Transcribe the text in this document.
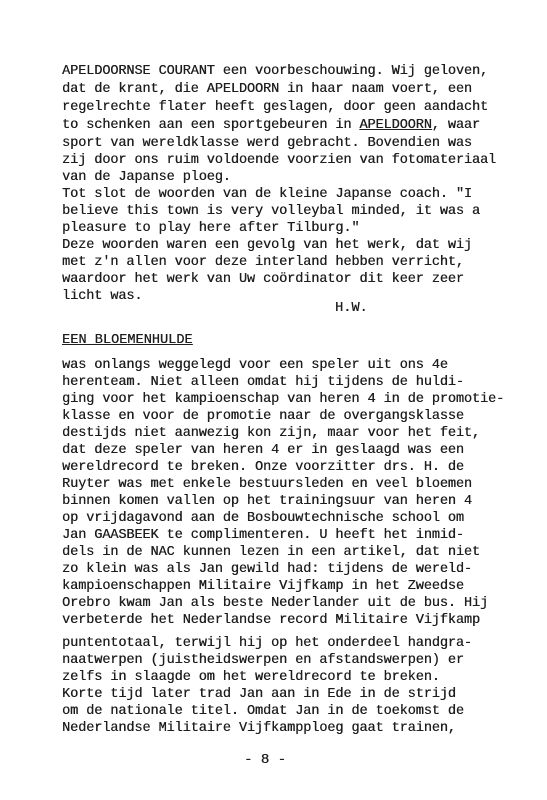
APELDOORNSE COURANT een voorbeschouwing. Wij geloven,
dat de krant, die APELDOORN in haar naam voert, een
regelrechte flater heeft geslagen, door geen aandacht
to schenken aan een sportgebeuren in APELDOORN, waar
sport van wereldklasse werd gebracht. Bovendien was
zij door ons ruim voldoende voorzien van fotomateriaal
van de Japanse ploeg.
Tot slot de woorden van de kleine Japanse coach. "I
believe this town is very volleybal minded, it was a
pleasure to play here after Tilburg."
Deze woorden waren een gevolg van het werk, dat wij
met z'n allen voor deze interland hebben verricht,
waardoor het werk van Uw coördinator dit keer zeer
licht was.
H.W.
EEN BLOEMENHULDE
was onlangs weggelegd voor een speler uit ons 4e
herenteam. Niet alleen omdat hij tijdens de huldi-
ging voor het kampioenschap van heren 4 in de promotie-
klasse en voor de promotie naar de overgangsklasse
destijds niet aanwezig kon zijn, maar voor het feit,
dat deze speler van heren 4 er in geslaagd was een
wereldrecord te breken. Onze voorzitter drs. H. de
Ruyter was met enkele bestuursleden en veel bloemen
binnen komen vallen op het trainingsuur van heren 4
op vrijdagavond aan de Bosbouwtechnische school om
Jan GAASBEEK te complimenteren. U heeft het inmid-
dels in de NAC kunnen lezen in een artikel, dat niet
zo klein was als Jan gewild had: tijdens de wereld-
kampioenschappen Militaire Vijfkamp in het Zweedse
Orebro kwam Jan als beste Nederlander uit de bus. Hij
verbeterde het Nederlandse record Militaire Vijfkamp
puntentotaal, terwijl hij op het onderdeel handgra-
naatwerpen (juistheidswerpen en afstandswerpen) er
zelfs in slaagde om het wereldrecord te breken.
Korte tijd later trad Jan aan in Ede in de strijd
om de nationale titel. Omdat Jan in de toekomst de
Nederlandse Militaire Vijfkampploeg gaat trainen,
- 8 -
